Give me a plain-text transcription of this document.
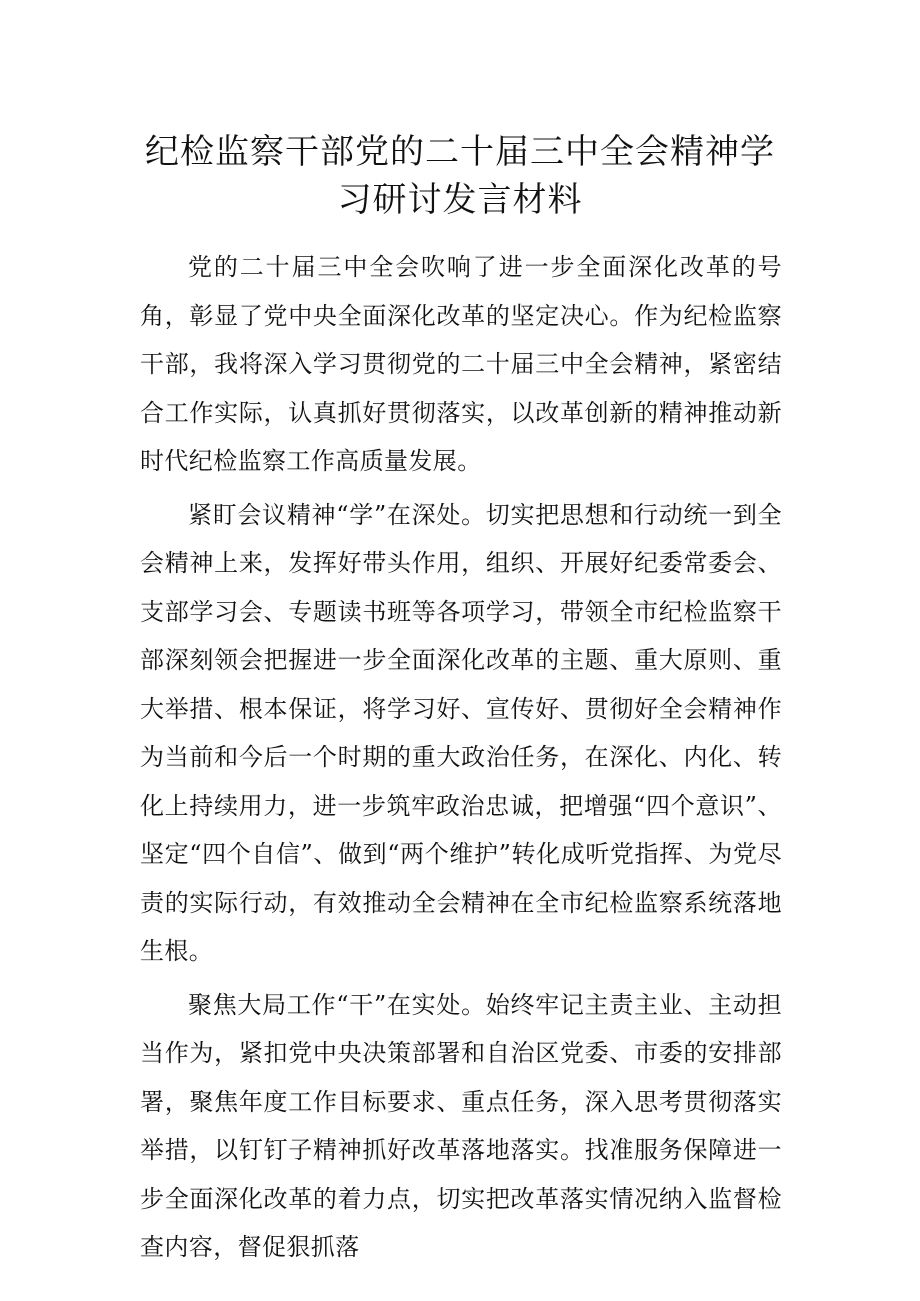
纪检监察干部党的二十届三中全会精神学习研讨发言材料

党的二十届三中全会吹响了进一步全面深化改革的号角，彰显了党中央全面深化改革的坚定决心。作为纪检监察干部，我将深入学习贯彻党的二十届三中全会精神，紧密结合工作实际，认真抓好贯彻落实，以改革创新的精神推动新时代纪检监察工作高质量发展。

紧盯会议精神“学”在深处。切实把思想和行动统一到全会精神上来，发挥好带头作用，组织、开展好纪委常委会、支部学习会、专题读书班等各项学习，带领全市纪检监察干部深刻领会把握进一步全面深化改革的主题、重大原则、重大举措、根本保证，将学习好、宣传好、贯彻好全会精神作为当前和今后一个时期的重大政治任务，在深化、内化、转化上持续用力，进一步筑牢政治忠诚，把增强“四个意识”、坚定“四个自信”、做到“两个维护”转化成听党指挥、为党尽责的实际行动，有效推动全会精神在全市纪检监察系统落地生根。

聚焦大局工作“干”在实处。始终牢记主责主业、主动担当作为，紧扣党中央决策部署和自治区党委、市委的安排部署，聚焦年度工作目标要求、重点任务，深入思考贯彻落实举措，以钉钉子精神抓好改革落地落实。找准服务保障进一步全面深化改革的着力点，切实把改革落实情况纳入监督检查内容，督促狠抓落
